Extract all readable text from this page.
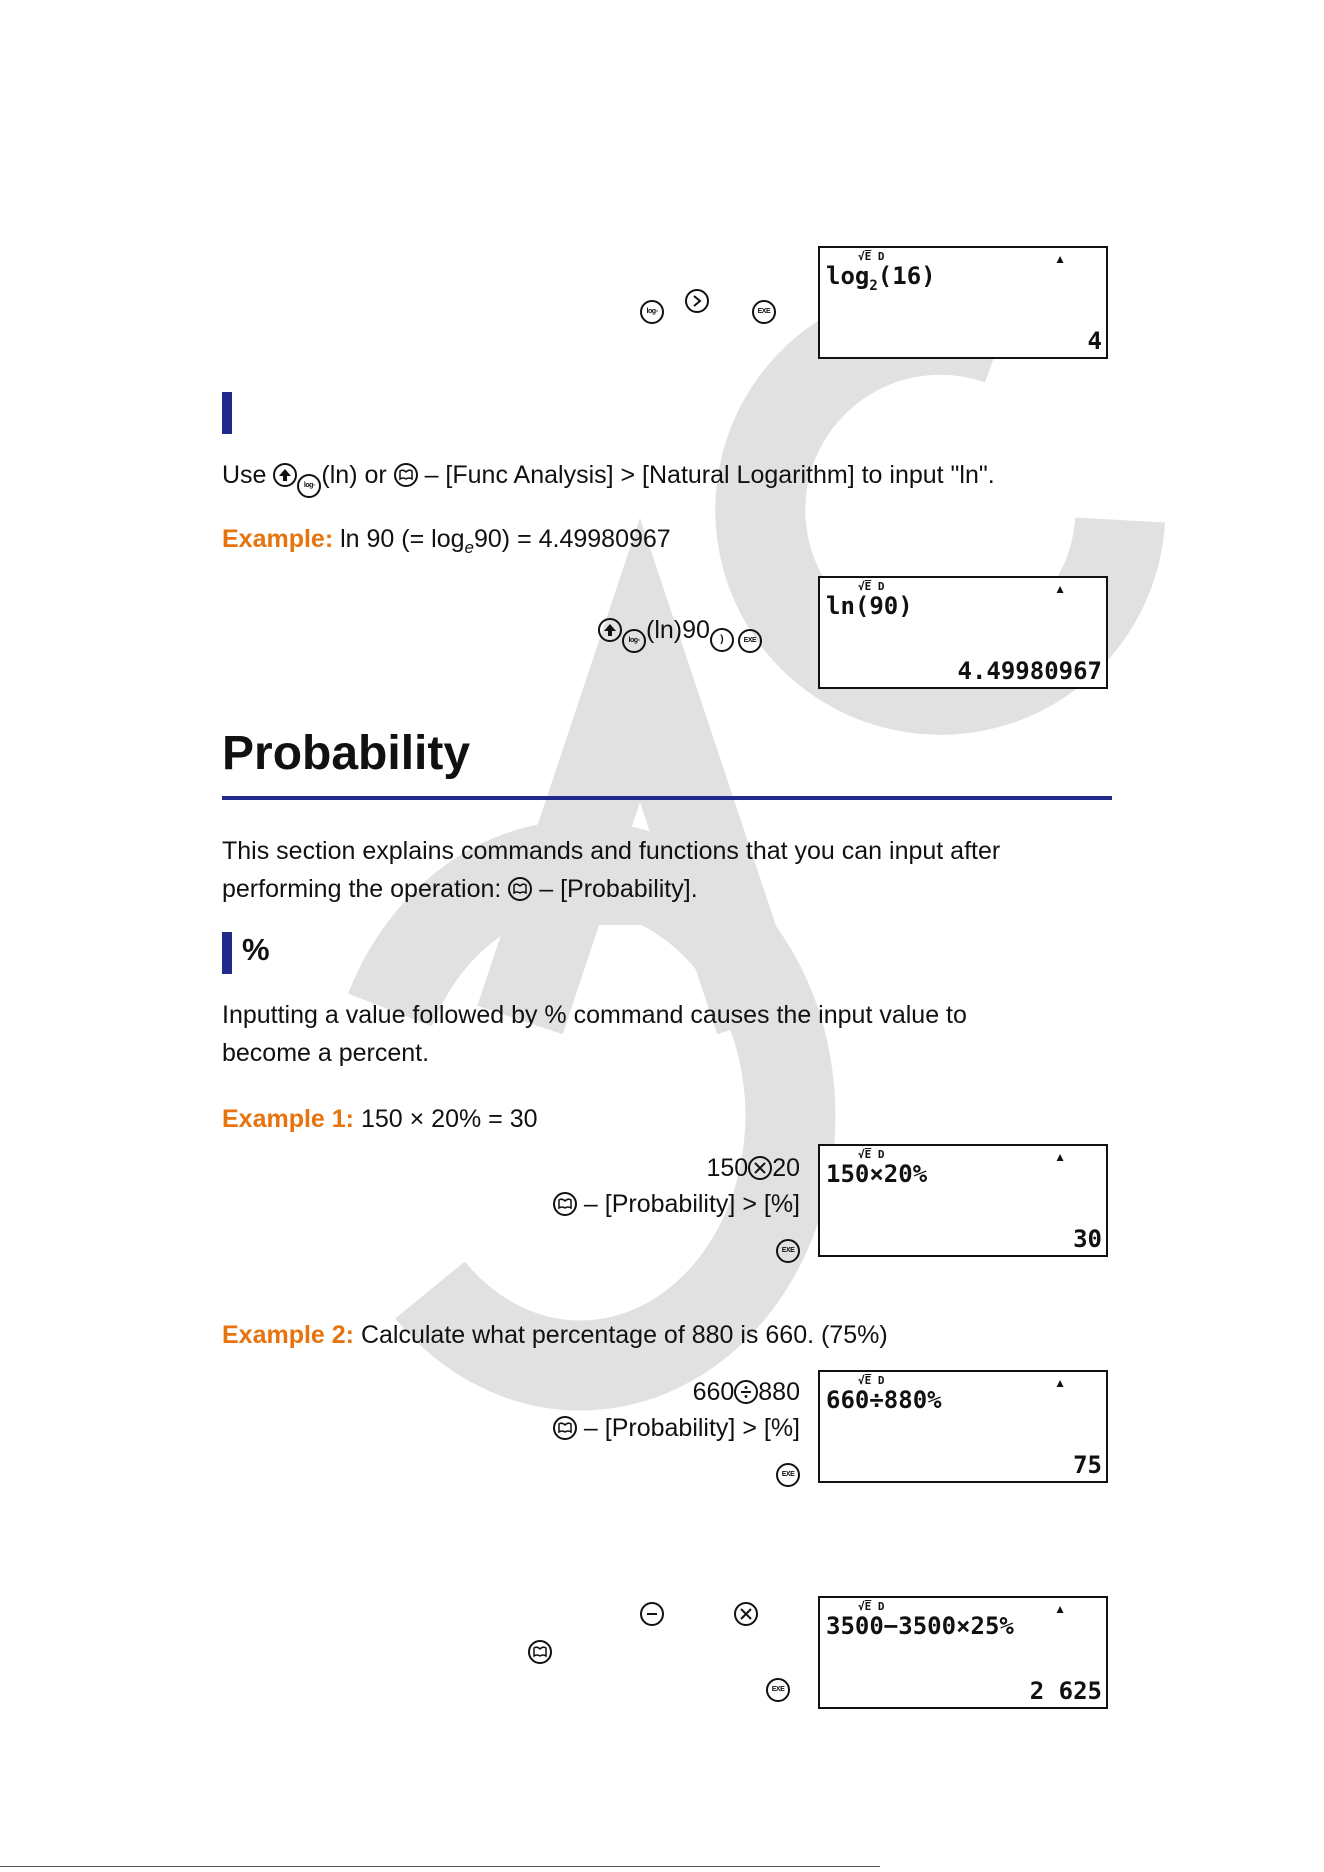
log▫	EXE
√E̅ D	▲
$\log_2(16)$
4
Use	log▫ (ln) or
– [Func Analysis] > [Natural Logarithm] to input "ln".
Example: ln 90 (= $\log_e90) = 4.49980967$
log▫ (ln)90 )	EXE
√E̅ D	▲
ln(90)
4.49980967
Probability
This section explains commands and functions that you can input after
performing the operation:
– [Probability].
%
Inputting a value followed by % command causes the input value to
become a percent.
Example 1: 150 × 20% = 30
150 20
– [Probability] > [%]
EXE
√E̅ D	▲
150×20%
30
Example 2: Calculate what percentage of 880 is 660. (75%)
660 880
– [Probability] > [%]
EXE
√E̅ D	▲
660÷880%
75

EXE
√E̅ D	▲
3500−3500×25%
2 625
